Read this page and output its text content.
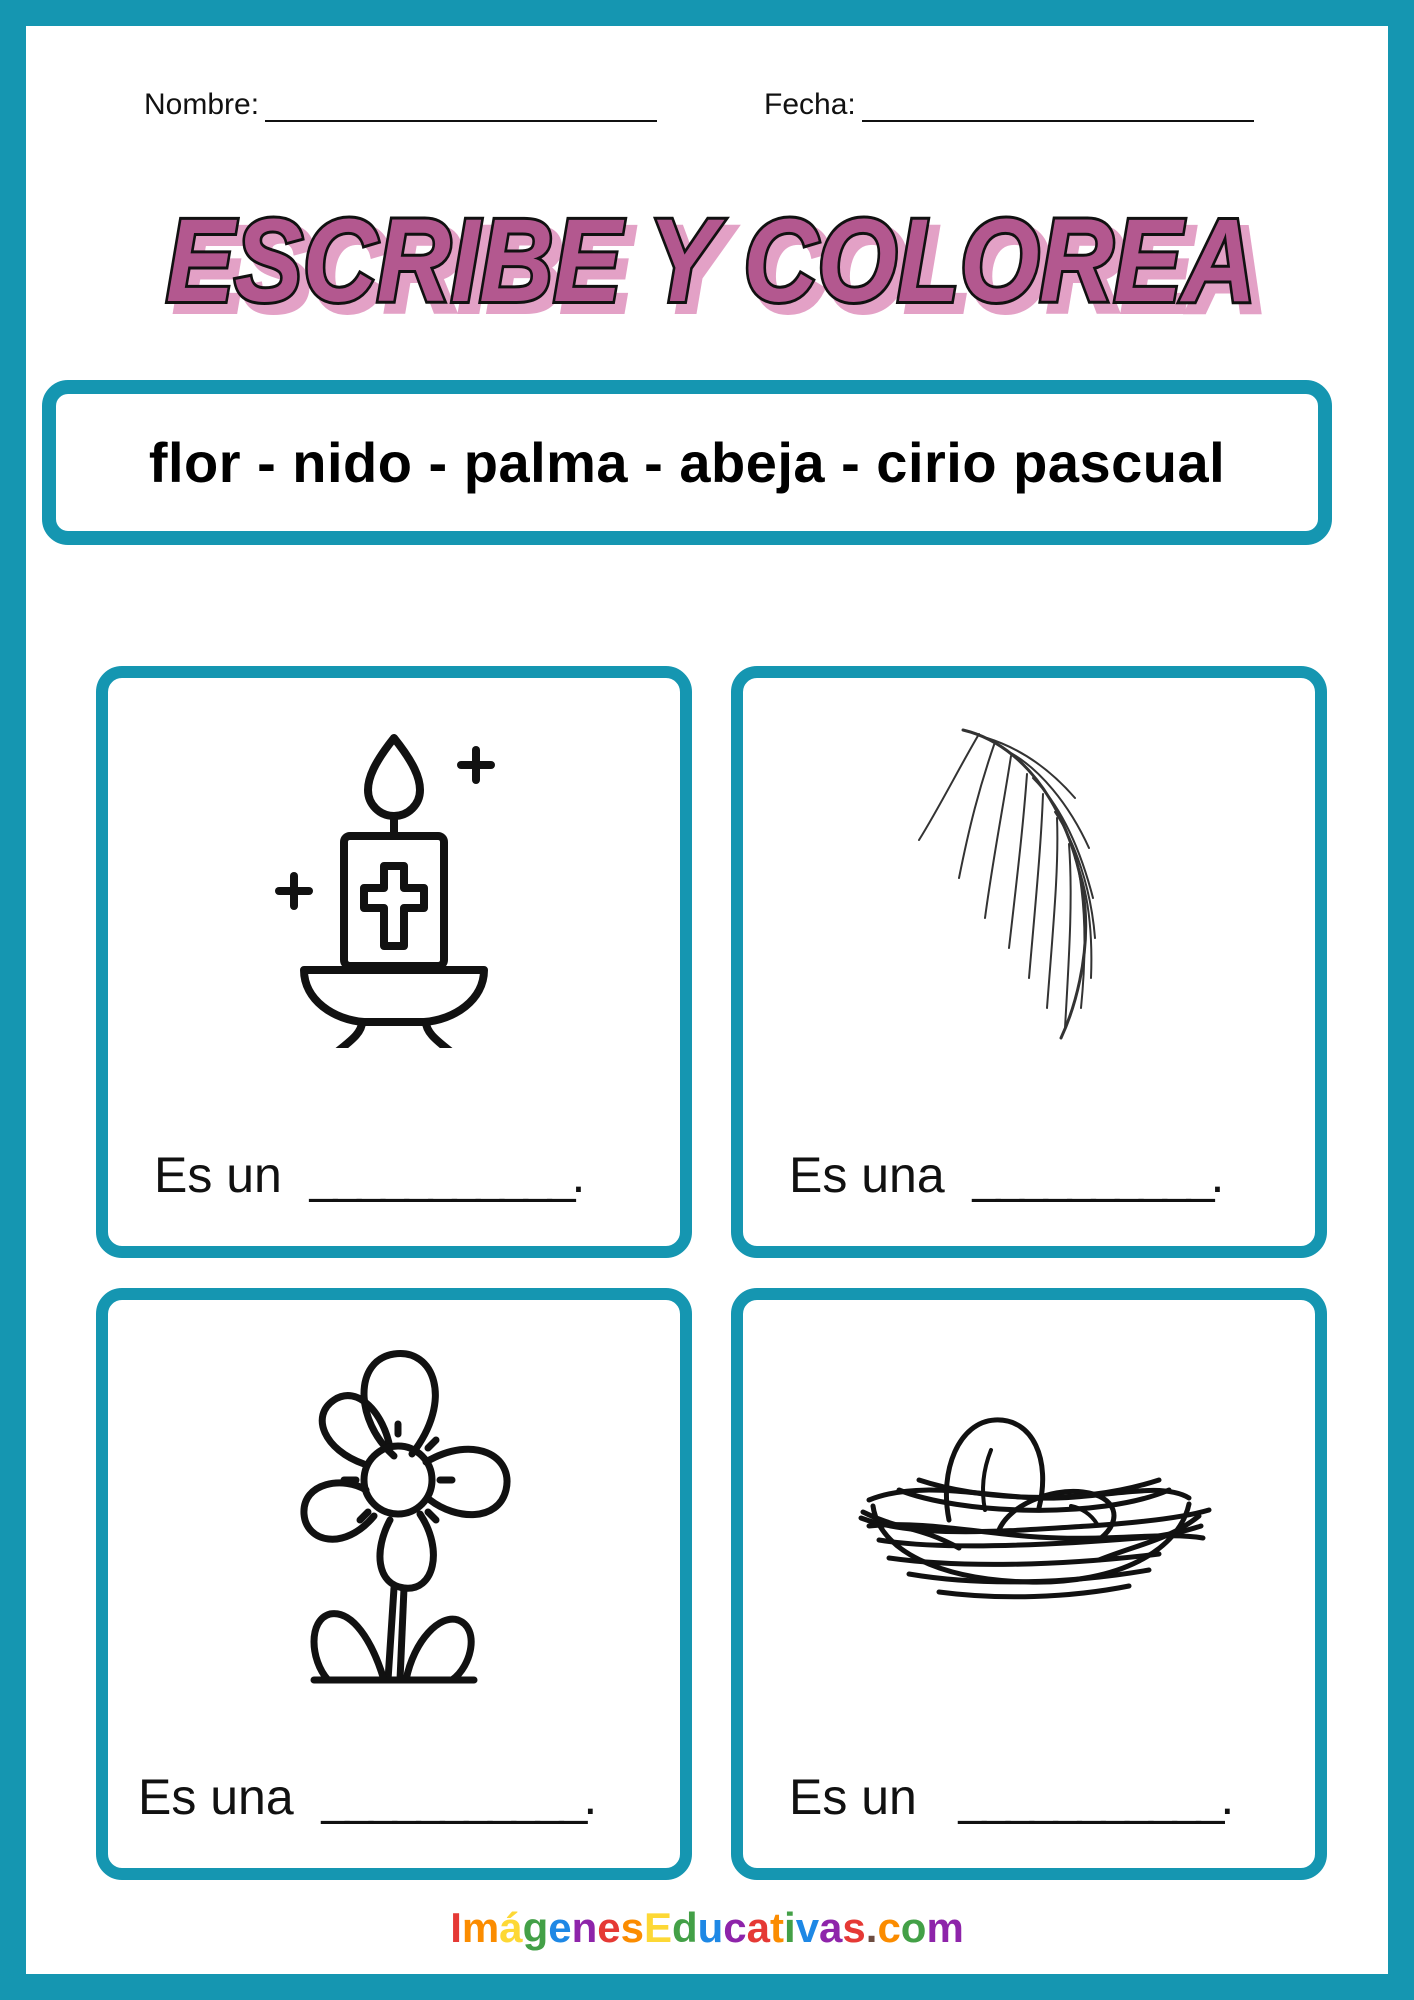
Nombre:	Fecha:
ESCRIBE Y COLOREA
ESCRIBE Y COLOREA
flor - nido - palma - abeja - cirio pascual
Es un ___________.	Es una __________.
Es una ___________.	Es un ___________.
ImágenesEducativas.com
